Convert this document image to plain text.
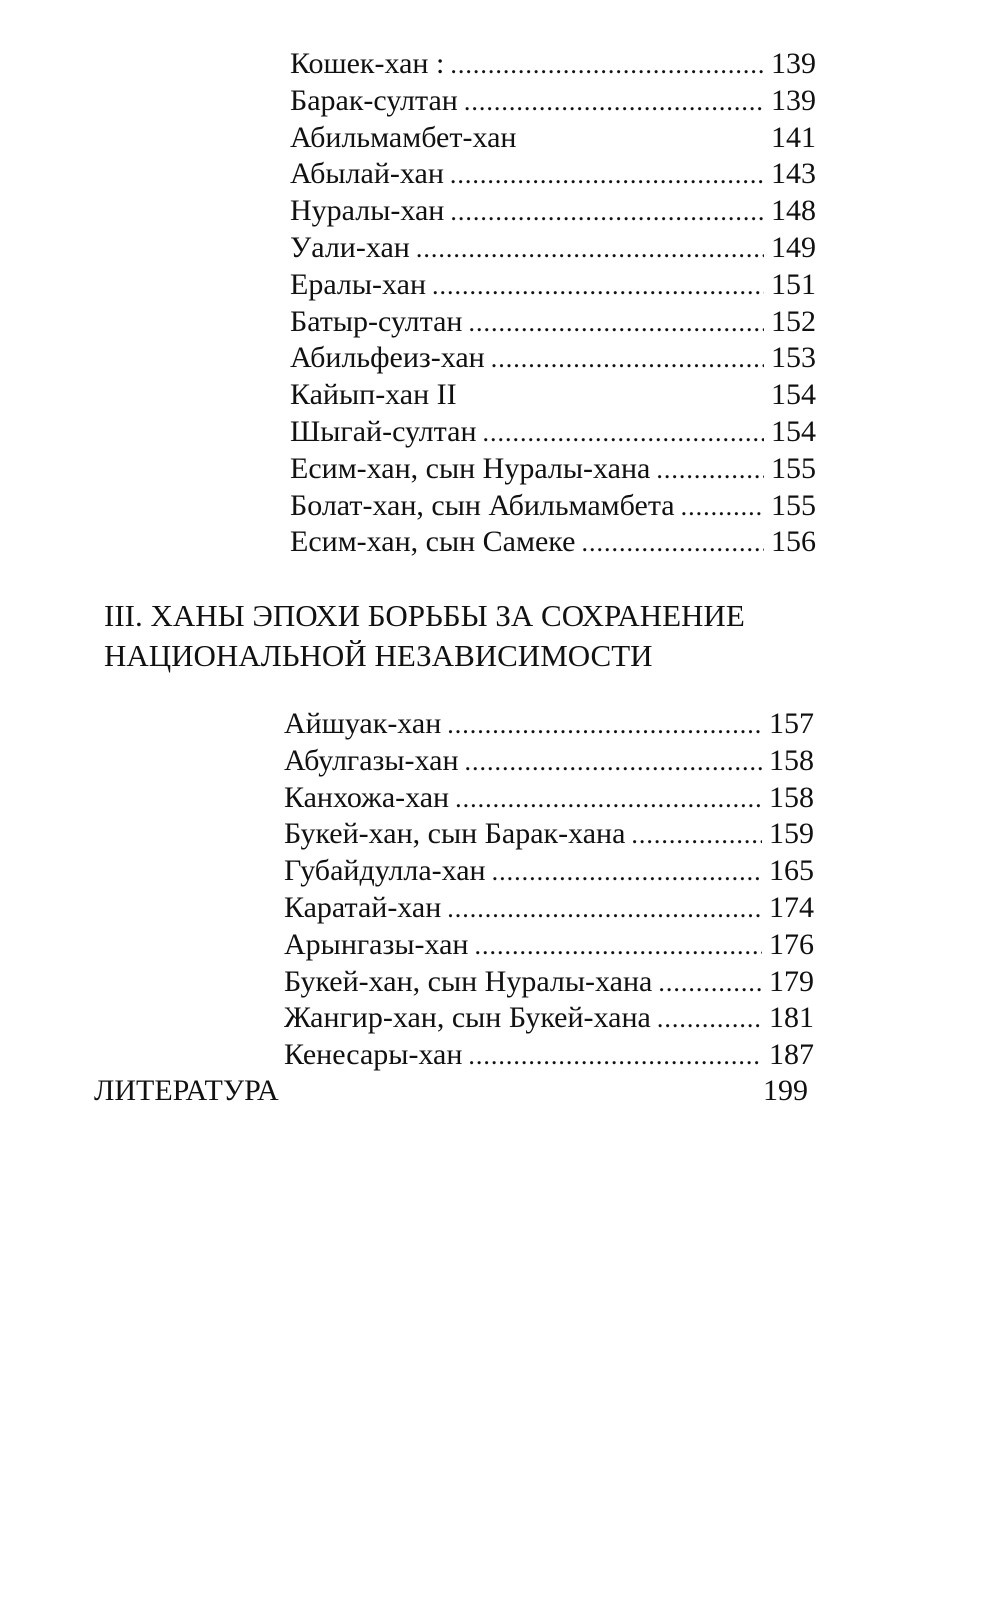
Кошек-хан : .....	139
Барак-султан .....	139
Абильмамбет-хан	141
Абылай-хан .....	143
Нуралы-хан .....	148
Уали-хан .....	149
Ералы-хан .....	151
Батыр-султан .....	152
Абильфеиз-хан .....	153
Кайып-хан II	154
Шыгай-султан .....	154
Есим-хан, сын Нуралы-хана .....	155
Болат-хан, сын Абильмамбета .....	155
Есим-хан, сын Самеке .....	156
III. ХАНЫ ЭПОХИ БОРЬБЫ ЗА СОХРАНЕНИЕ
НАЦИОНАЛЬНОЙ НЕЗАВИСИМОСТИ
Айшуак-хан .....	157
Абулгазы-хан .....	158
Канхожа-хан .....	158
Букей-хан, сын Барак-хана .....	159
Губайдулла-хан .....	165
Каратай-хан .....	174
Арынгазы-хан .....	176
Букей-хан, сын Нуралы-хана .....	179
Жангир-хан, сын Букей-хана .....	181
Кенесары-хан .....	187
ЛИТЕРАТУРА	199
